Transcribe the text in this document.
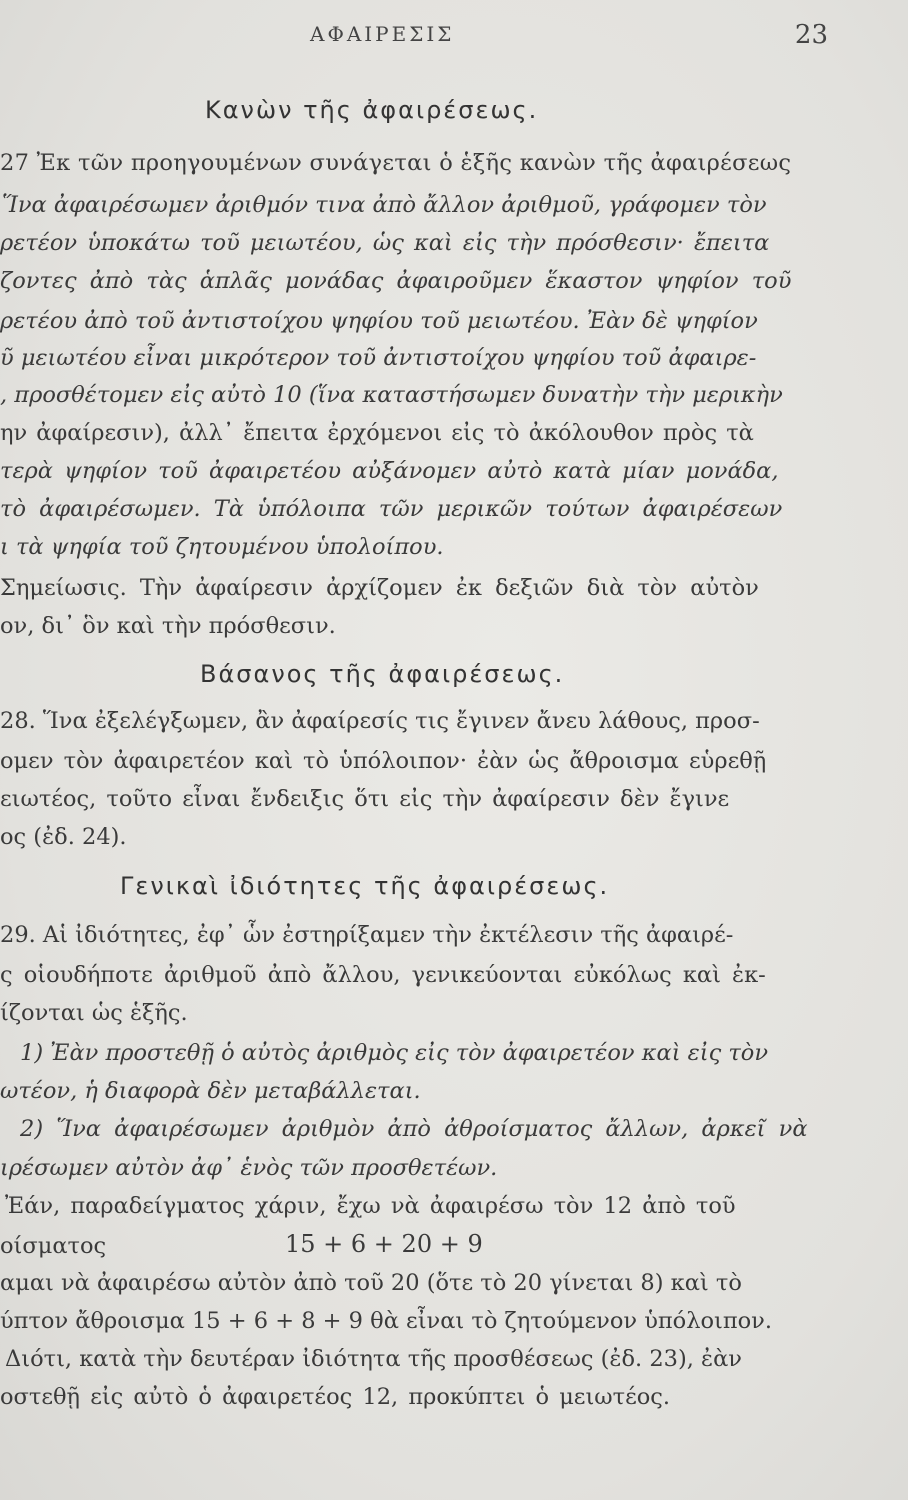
ΑΦΑΙΡΕΣΙΣ	23
Κανὼν τῆς ἀφαιρέσεως.
27 Ἐκ τῶν προηγουμένων συνάγεται ὁ ἑξῆς κανὼν τῆς ἀφαιρέσεως
Ἵνα ἀφαιρέσωμεν ἀριθμόν τινα ἀπὸ ἄλλον ἀριθμοῦ, γράφομεν τὸν
ρετέον ὑποκάτω τοῦ μειωτέου, ὡς καὶ εἰς τὴν πρόσθεσιν· ἔπειτα
ζοντες ἀπὸ τὰς ἁπλᾶς μονάδας ἀφαιροῦμεν ἕκαστον ψηφίον τοῦ
ρετέου ἀπὸ τοῦ ἀντιστοίχου ψηφίου τοῦ μειωτέου. Ἐὰν δὲ ψηφίον
ῦ μειωτέου εἶναι μικρότερον τοῦ ἀντιστοίχου ψηφίου τοῦ ἀφαιρε-
, προσθέτομεν εἰς αὐτὸ 10 (ἵνα καταστήσωμεν δυνατὴν τὴν μερικὴν
ην ἀφαίρεσιν), ἀλλ᾽ ἔπειτα ἐρχόμενοι εἰς τὸ ἀκόλουθον πρὸς τὰ
τερὰ ψηφίον τοῦ ἀφαιρετέου αὐξάνομεν αὐτὸ κατὰ μίαν μονάδα,
τὸ ἀφαιρέσωμεν. Τὰ ὑπόλοιπα τῶν μερικῶν τούτων ἀφαιρέσεων
ι τὰ ψηφία τοῦ ζητουμένου ὑπολοίπου.
Σημείωσις. Τὴν ἀφαίρεσιν ἀρχίζομεν ἐκ δεξιῶν διὰ τὸν αὐτὸν
ον, δι᾽ ὃν καὶ τὴν πρόσθεσιν.
Βάσανος τῆς ἀφαιρέσεως.
28. Ἵνα ἐξελέγξωμεν, ἂν ἀφαίρεσίς τις ἔγινεν ἄνευ λάθους, προσ-
ομεν τὸν ἀφαιρετέον καὶ τὸ ὑπόλοιπον· ἐὰν ὡς ἄθροισμα εὑρεθῇ
ειωτέος, τοῦτο εἶναι ἔνδειξις ὅτι εἰς τὴν ἀφαίρεσιν δὲν ἔγινε
ος (ἐδ. 24).
Γενικαὶ ἰδιότητες τῆς ἀφαιρέσεως.
29. Αἱ ἰδιότητες, ἐφ᾽ ὧν ἐστηρίξαμεν τὴν ἐκτέλεσιν τῆς ἀφαιρέ-
ς οἱουδήποτε ἀριθμοῦ ἀπὸ ἄλλου, γενικεύονται εὐκόλως καὶ ἐκ-
ίζονται ὡς ἑξῆς.
1) Ἐὰν προστεθῇ ὁ αὐτὸς ἀριθμὸς εἰς τὸν ἀφαιρετέον καὶ εἰς τὸν
ωτέον, ἡ διαφορὰ δὲν μεταβάλλεται.
2) Ἵνα ἀφαιρέσωμεν ἀριθμὸν ἀπὸ ἀθροίσματος ἄλλων, ἀρκεῖ νὰ
ιρέσωμεν αὐτὸν ἀφ᾽ ἑνὸς τῶν προσθετέων.
Ἐάν, παραδείγματος χάριν, ἔχω νὰ ἀφαιρέσω τὸν 12 ἀπὸ τοῦ
οίσματος	15 + 6 + 20 + 9
αμαι νὰ ἀφαιρέσω αὐτὸν ἀπὸ τοῦ 20 (ὅτε τὸ 20 γίνεται 8) καὶ τὸ
ύπτον ἄθροισμα 15 + 6 + 8 + 9 θὰ εἶναι τὸ ζητούμενον ὑπόλοιπον.
Διότι, κατὰ τὴν δευτέραν ἰδιότητα τῆς προσθέσεως (ἐδ. 23), ἐὰν
οστεθῇ εἰς αὐτὸ ὁ ἀφαιρετέος 12, προκύπτει ὁ μειωτέος.
